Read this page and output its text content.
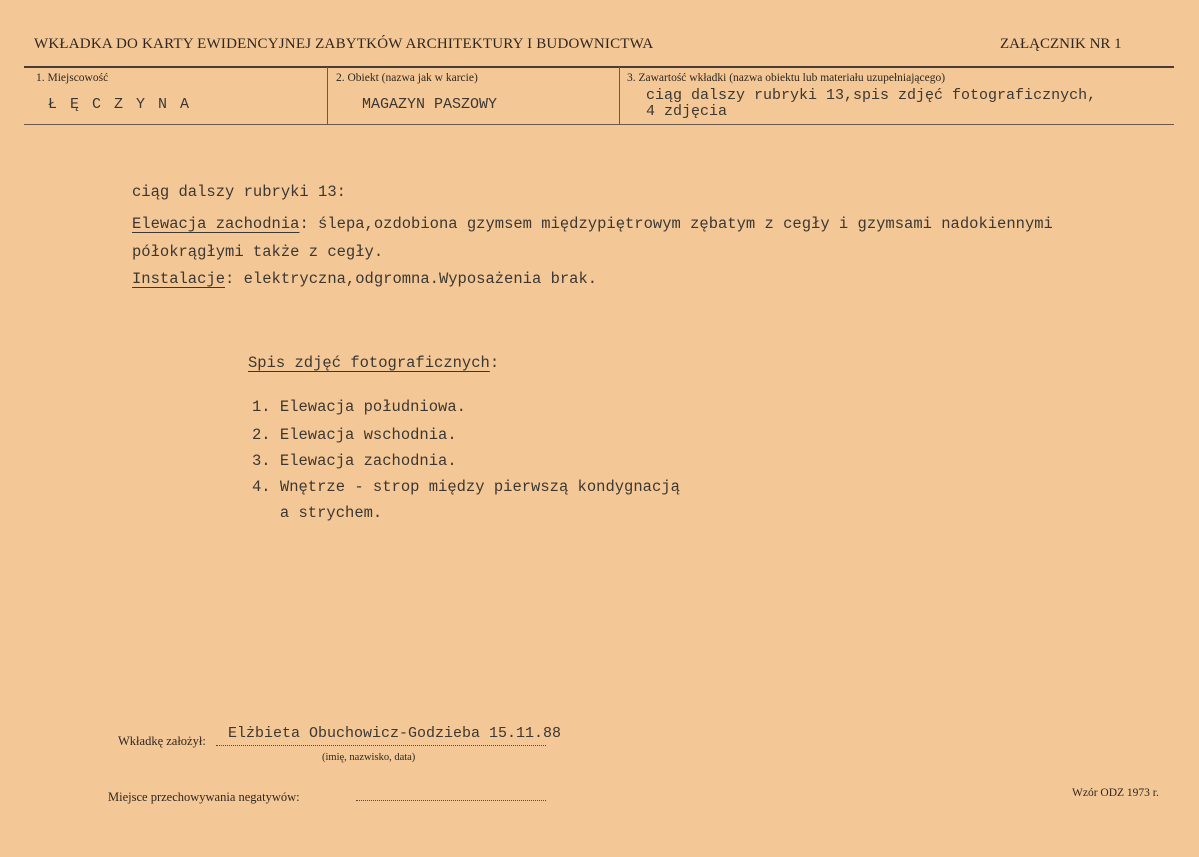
WKŁADKA DO KARTY EWIDENCYJNEJ ZABYTKÓW ARCHITEKTURY I BUDOWNICTWA	ZAŁĄCZNIK NR 1
1. Miejscowość
Ł Ę C Z Y N A
2. Obiekt (nazwa jak w karcie)
MAGAZYN PASZOWY
3. Zawartość wkładki (nazwa obiektu lub materiału uzupełniającego)
ciąg dalszy rubryki 13,spis zdjęć fotograficznych,
4 zdjęcia
ciąg dalszy rubryki 13:
Elewacja zachodnia: ślepa,ozdobiona gzymsem międzypiętrowym zębatym z cegły i gzymsami nadokiennymi
półokrągłymi także z cegły.
Instalacje: elektryczna,odgromna.Wyposażenia brak.
Spis zdjęć fotograficznych:
1. Elewacja południowa.
2. Elewacja wschodnia.
3. Elewacja zachodnia.
4. Wnętrze - strop między pierwszą kondygnacją
a strychem.
Wkładkę założył: Elżbieta Obuchowicz-Godzieba 15.11.88
(imię, nazwisko, data)
Miejsce przechowywania negatywów:	Wzór ODZ 1973 r.
